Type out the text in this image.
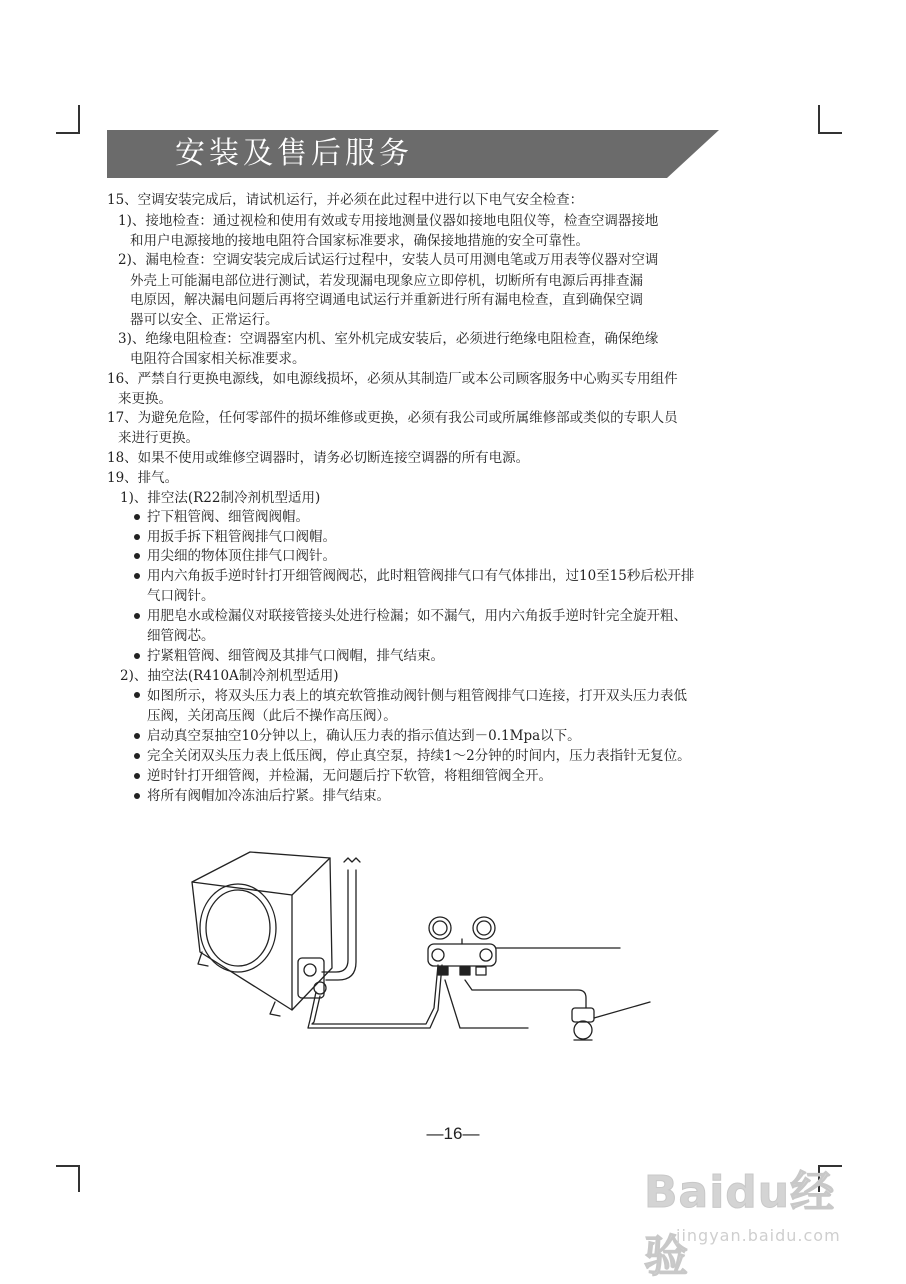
安装及售后服务
15、空调安装完成后，请试机运行，并必须在此过程中进行以下电气安全检查：
1)、接地检查：通过视检和使用有效或专用接地测量仪器如接地电阻仪等，检查空调器接地
和用户电源接地的接地电阻符合国家标准要求，确保接地措施的安全可靠性。
2)、漏电检查：空调安装完成后试运行过程中，安装人员可用测电笔或万用表等仪器对空调
外壳上可能漏电部位进行测试，若发现漏电现象应立即停机，切断所有电源后再排查漏
电原因，解决漏电问题后再将空调通电试运行并重新进行所有漏电检查，直到确保空调
器可以安全、正常运行。
3)、绝缘电阻检查：空调器室内机、室外机完成安装后，必须进行绝缘电阻检查，确保绝缘
电阻符合国家相关标准要求。
16、严禁自行更换电源线，如电源线损坏，必须从其制造厂或本公司顾客服务中心购买专用组件
来更换。
17、为避免危险，任何零部件的损坏维修或更换，必须有我公司或所属维修部或类似的专职人员
来进行更换。
18、如果不使用或维修空调器时，请务必切断连接空调器的所有电源。
19、排气。
1)、排空法(R22制冷剂机型适用)
拧下粗管阀、细管阀阀帽。
用扳手拆下粗管阀排气口阀帽。
用尖细的物体顶住排气口阀针。
用内六角扳手逆时针打开细管阀阀芯，此时粗管阀排气口有气体排出，过10至15秒后松开排
气口阀针。
用肥皂水或检漏仪对联接管接头处进行检漏；如不漏气，用内六角扳手逆时针完全旋开粗、
细管阀芯。
拧紧粗管阀、细管阀及其排气口阀帽，排气结束。
2)、抽空法(R410A制冷剂机型适用)
如图所示，将双头压力表上的填充软管推动阀针侧与粗管阀排气口连接，打开双头压力表低
压阀，关闭高压阀（此后不操作高压阀）。
启动真空泵抽空10分钟以上，确认压力表的指示值达到－0.1Mpa以下。
完全关闭双头压力表上低压阀，停止真空泵，持续1～2分钟的时间内，压力表指针无复位。
逆时针打开细管阀，并检漏，无问题后拧下软管，将粗细管阀全开。
将所有阀帽加冷冻油后拧紧。排气结束。
—16—
Baidu经验
jingyan.baidu.com
